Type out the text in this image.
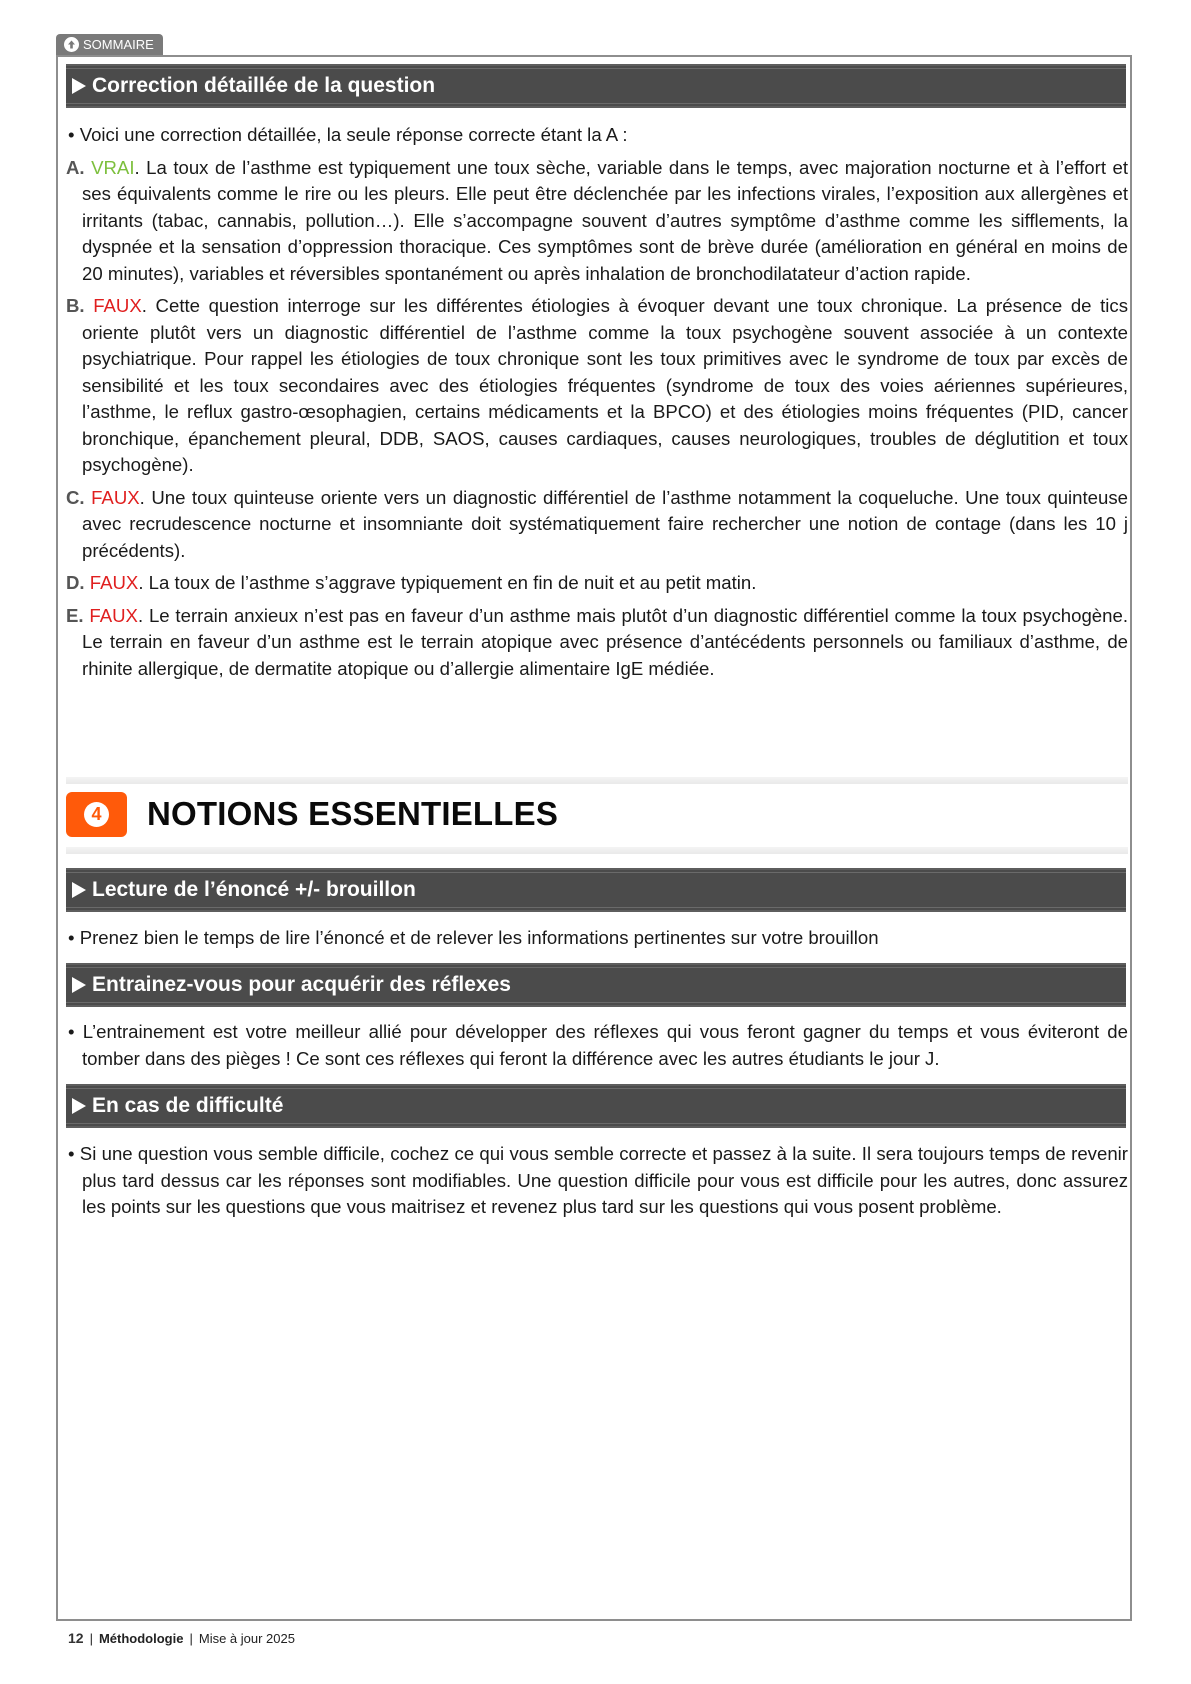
SOMMAIRE
Correction détaillée de la question

• Voici une correction détaillée, la seule réponse correcte étant la A :

A. VRAI. La toux de l’asthme est typiquement une toux sèche, variable dans le temps, avec majoration nocturne et à l’effort et ses équivalents comme le rire ou les pleurs. Elle peut être déclenchée par les infections virales, l’exposition aux allergènes et irritants (tabac, cannabis, pollution…). Elle s’accompagne souvent d’autres symptôme d’asthme comme les sifflements, la dyspnée et la sensation d’oppression thoracique. Ces symptômes sont de brève durée (amélioration en général en moins de 20 minutes), variables et réversibles spontanément ou après inhalation de bronchodilatateur d’action rapide.

B. FAUX. Cette question interroge sur les différentes étiologies à évoquer devant une toux chronique. La présence de tics oriente plutôt vers un diagnostic différentiel de l’asthme comme la toux psychogène souvent associée à un contexte psychiatrique. Pour rappel les étiologies de toux chronique sont les toux primitives avec le syndrome de toux par excès de sensibilité et les toux secondaires avec des étiologies fréquentes (syndrome de toux des voies aériennes supérieures, l’asthme, le reflux gastro-œsophagien, certains médicaments et la BPCO) et des étiologies moins fréquentes (PID, cancer bronchique, épanchement pleural, DDB, SAOS, causes cardiaques, causes neurologiques, troubles de déglutition et toux psychogène).

C. FAUX. Une toux quinteuse oriente vers un diagnostic différentiel de l’asthme notamment la coqueluche. Une toux quinteuse avec recrudescence nocturne et insomniante doit systématiquement faire rechercher une notion de contage (dans les 10 j précédents).

D. FAUX. La toux de l’asthme s’aggrave typiquement en fin de nuit et au petit matin.

E. FAUX. Le terrain anxieux n’est pas en faveur d’un asthme mais plutôt d’un diagnostic différentiel comme la toux psychogène. Le terrain en faveur d’un asthme est le terrain atopique avec présence d’antécédents personnels ou familiaux d’asthme, de rhinite allergique, de dermatite atopique ou d’allergie alimentaire IgE médiée.

4 NOTIONS ESSENTIELLES
Lecture de l’énoncé +/- brouillon

• Prenez bien le temps de lire l’énoncé et de relever les informations pertinentes sur votre brouillon

Entrainez-vous pour acquérir des réflexes

• L’entrainement est votre meilleur allié pour développer des réflexes qui vous feront gagner du temps et vous éviteront de tomber dans des pièges ! Ce sont ces réflexes qui feront la différence avec les autres étudiants le jour J.

En cas de difficulté

• Si une question vous semble difficile, cochez ce qui vous semble correcte et passez à la suite. Il sera toujours temps de revenir plus tard dessus car les réponses sont modifiables. Une question difficile pour vous est difficile pour les autres, donc assurez les points sur les questions que vous maitrisez et revenez plus tard sur les questions qui vous posent problème.

12 | Méthodologie | Mise à jour 2025
